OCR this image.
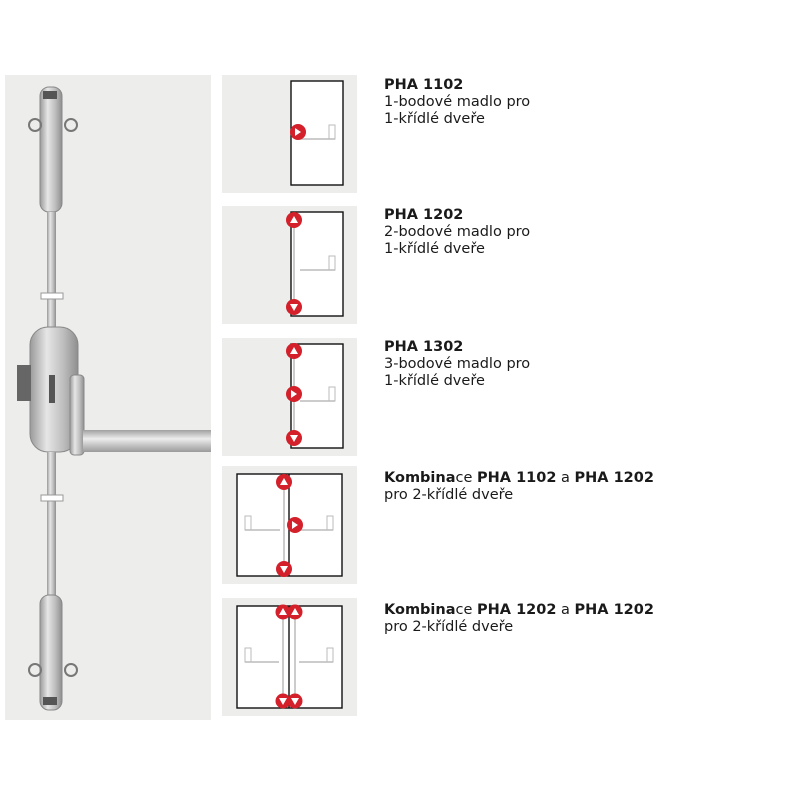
PHA 1102
1-bodové madlo pro
1-křídlé dveře
PHA 1202
2-bodové madlo pro
1-křídlé dveře
PHA 1302
3-bodové madlo pro
1-křídlé dveře
Kombinace PHA 1102 a PHA 1202
pro 2-křídlé dveře
Kombinace PHA 1202 a PHA 1202
pro 2-křídlé dveře
